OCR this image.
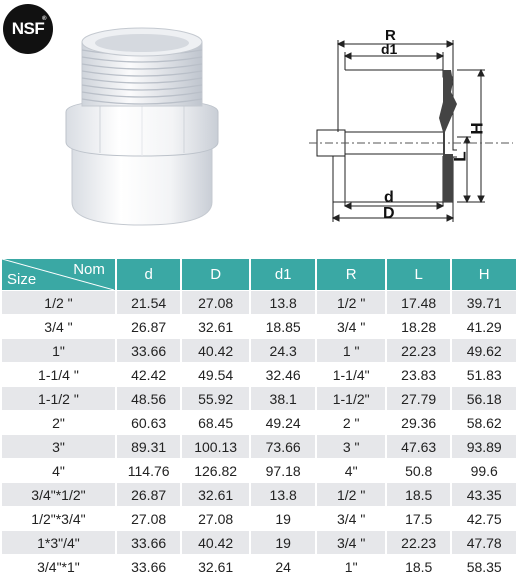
NSF
®
R
d1
H
L
d
D
Nom
Size	d	D	d1	R	L	H
1/2 "	21.54	27.08	13.8	1/2 "	17.48	39.71
3/4 "	26.87	32.61	18.85	3/4 "	18.28	41.29
1"	33.66	40.42	24.3	1 "	22.23	49.62
1-1/4 "	42.42	49.54	32.46	1-1/4"	23.83	51.83
1-1/2 "	48.56	55.92	38.1	1-1/2"	27.79	56.18
2"	60.63	68.45	49.24	2 "	29.36	58.62
3"	89.31	100.13	73.66	3 "	47.63	93.89
4"	114.76	126.82	97.18	4"	50.8	99.6
3/4"*1/2"	26.87	32.61	13.8	1/2 "	18.5	43.35
1/2"*3/4"	27.08	27.08	19	3/4 "	17.5	42.75
1*3"/4"	33.66	40.42	19	3/4 "	22.23	47.78
3/4"*1"	33.66	32.61	24	1"	18.5	58.35
